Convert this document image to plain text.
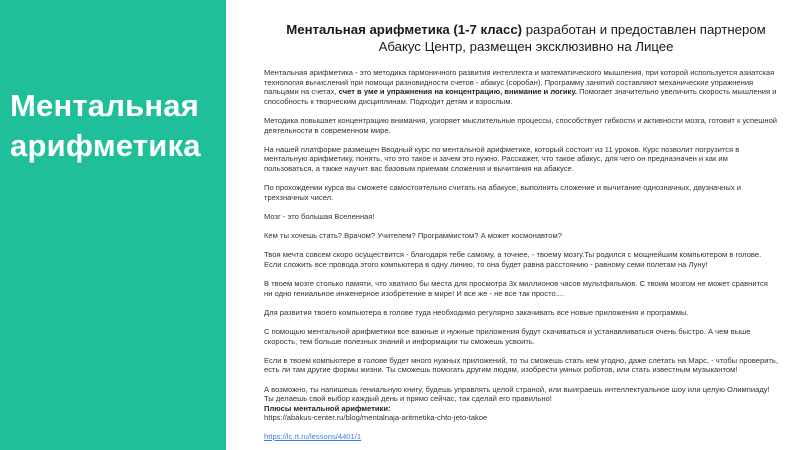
Ментальная арифметика
Ментальная арифметика (1-7 класс) разработан и предоставлен партнером Абакус Центр, размещен эксклюзивно на Лицее
Ментальная арифметика - это методика гармоничного развития интеллекта и математического мышления, при которой используется азиатская технология вычислений при помощи разновидности счетов - абакус (соробан). Программу занятий составляют механические упражнения пальцами на счетах, счет в уме и упражнения на концентрацию, внимание и логику. Помогает значительно увеличить скорость мышления и способность к творческим дисциплинам. Подходит детям и взрослым.
Методика повышает концентрацию внимания, ускоряет мыслительные процессы, способствует гибкости и активности мозга, готовит к успешной деятельности в современном мире.
На нашей платформе размещен Вводный курс по ментальной арифметике, который состоит из 11 уроков. Курс позволит погрузится в ментальную арифметику, понять, что это такое и зачем это нужно. Расскажет, что такое абакус, для чего он предназначен и как им пользоваться, а также научит вас базовым приемам сложения и вычитания на абакусе.
По прохождении курса вы сможете самостоятельно считать на абакусе, выполнять сложение и вычитание однозначных, двузначных и трехзначных чисел.
Мозг - это большая Вселенная!
Кем ты хочешь стать? Врачом? Учителем? Программистом? А может космонавтом?
Твоя мечта совсем скоро осуществится - благодаря тебе самому, а точнее, - твоему мозгу.Ты родился с мощнейшим компьютером в голове. Если сложить все провода этого компьютера в одну линию, то она будет равна расстоянию - равному семи полетам на Луну!
В твоем мозге столько памяти, что хватило бы места для просмотра 3х миллионов часов мультфильмов. С твоим мозгом не может сравнится ни одно гениальное инженерное изобретение в мире! И все же - не все так просто....
Для развития твоего компьютера в голове туда необходимо регулярно закачивать все новые приложения и программы.
С помощью ментальной арифметики все важные и нужные приложения будут скачиваться и устанавливаться очень быстро. А чем выше скорость, тем больше полезных знаний и информации ты сможешь усвоить.
Если в твоем компьютере в голове будет много нужных приложений, то ты сможешь стать кем угодно, даже слетать на Марс, - чтобы проверить, есть ли там другие формы жизни. Ты сможешь помогать другим людям, изобрести умных роботов, или стать известным музыкантом!
А возможно, ты напишешь гениальную книгу, будешь управлять целой страной, или выиграешь интеллектуальное шоу или целую Олимпиаду! Ты делаешь свой выбор каждый день и прямо сейчас, так сделай его правильно!
Плюсы ментальной арифметики:
https://abakus-center.ru/blog/mentalnaja-aritmetika-chto-jeto-takoe
https://lc.rt.ru/lessons/4401/1
